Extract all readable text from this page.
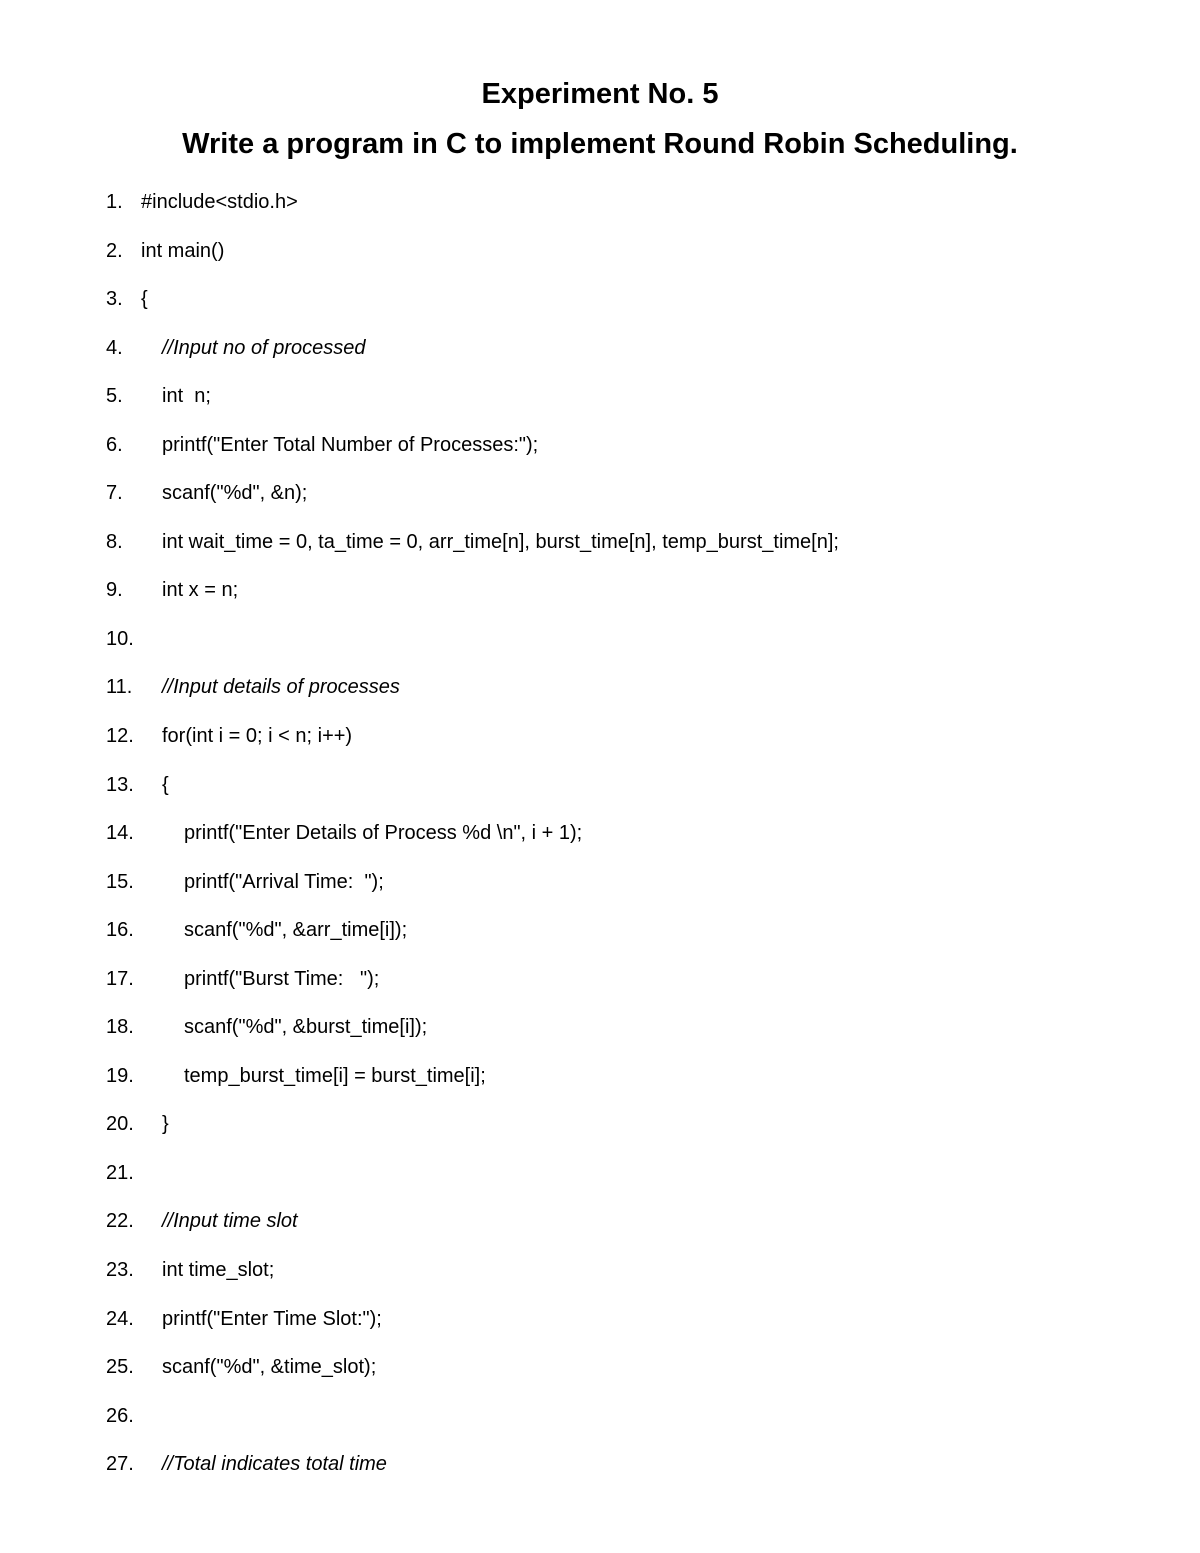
Experiment No. 5
Write a program in C to implement Round Robin Scheduling.
1. #include<stdio.h>
2. int main()
3. {
4. //Input no of processed
5. int  n;
6. printf("Enter Total Number of Processes:");
7. scanf("%d", &n);
8. int wait_time = 0, ta_time = 0, arr_time[n], burst_time[n], temp_burst_time[n];
9. int x = n;
10.
11. //Input details of processes
12. for(int i = 0; i < n; i++)
13. {
14.	printf("Enter Details of Process %d \n", i + 1);
15.	printf("Arrival Time:  ");
16.	scanf("%d", &arr_time[i]);
17.	printf("Burst Time:   ");
18.	scanf("%d", &burst_time[i]);
19.	temp_burst_time[i] = burst_time[i];
20. }
21.
22. //Input time slot
23. int time_slot;
24. printf("Enter Time Slot:");
25. scanf("%d", &time_slot);
26.
27. //Total indicates total time
